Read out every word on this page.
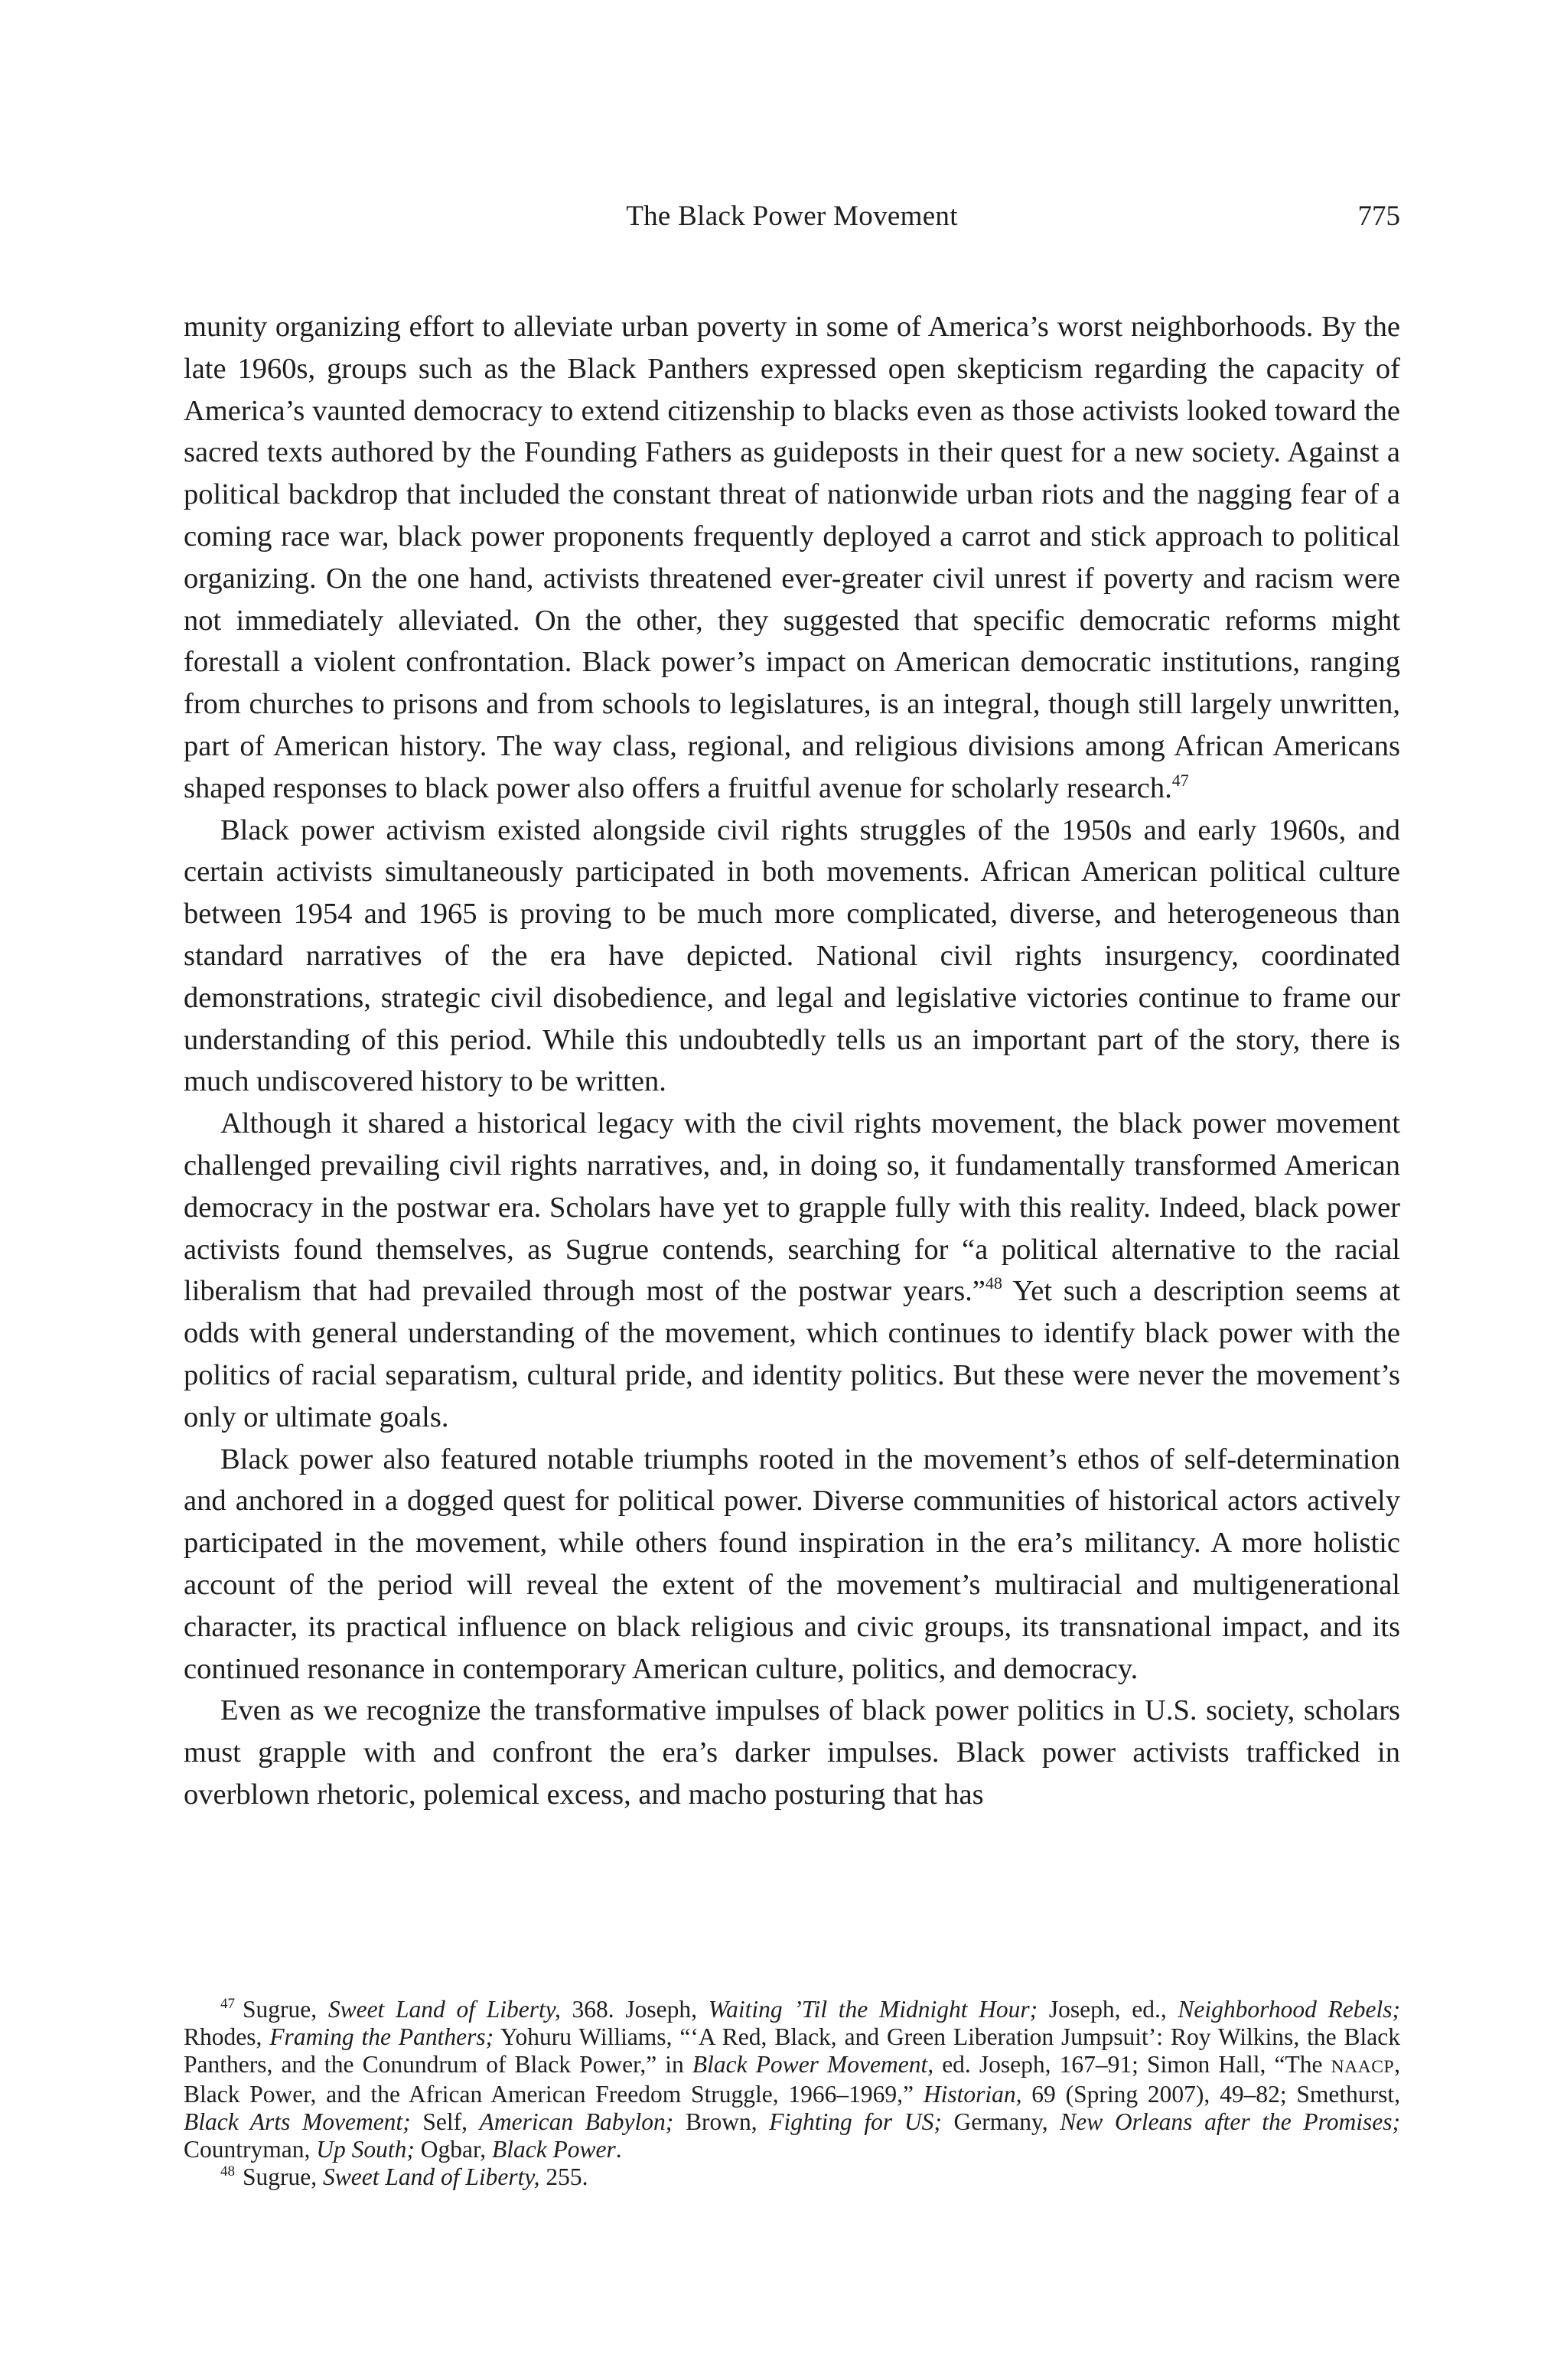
The Black Power Movement	775

munity organizing effort to alleviate urban poverty in some of America’s worst neighborhoods. By the late 1960s, groups such as the Black Panthers expressed open skepticism regarding the capacity of America’s vaunted democracy to extend citizenship to blacks even as those activists looked toward the sacred texts authored by the Founding Fathers as guideposts in their quest for a new society. Against a political backdrop that included the constant threat of nationwide urban riots and the nagging fear of a coming race war, black power proponents frequently deployed a carrot and stick approach to political organizing. On the one hand, activists threatened ever-greater civil unrest if poverty and racism were not immediately alleviated. On the other, they suggested that specific democratic reforms might forestall a violent confrontation. Black power’s impact on American democratic institutions, ranging from churches to prisons and from schools to legislatures, is an integral, though still largely unwritten, part of American history. The way class, regional, and religious divisions among African Americans shaped responses to black power also offers a fruitful avenue for scholarly research.$^{47}$

Black power activism existed alongside civil rights struggles of the 1950s and early 1960s, and certain activists simultaneously participated in both movements. African American political culture between 1954 and 1965 is proving to be much more complicated, diverse, and heterogeneous than standard narratives of the era have depicted. National civil rights insurgency, coordinated demonstrations, strategic civil disobedience, and legal and legislative victories continue to frame our understanding of this period. While this undoubtedly tells us an important part of the story, there is much undiscovered history to be written.

Although it shared a historical legacy with the civil rights movement, the black power movement challenged prevailing civil rights narratives, and, in doing so, it fundamentally transformed American democracy in the postwar era. Scholars have yet to grapple fully with this reality. Indeed, black power activists found themselves, as Sugrue contends, searching for “a political alternative to the racial liberalism that had prevailed through most of the postwar years.”$^{48}$ Yet such a description seems at odds with general understanding of the movement, which continues to identify black power with the politics of racial separatism, cultural pride, and identity politics. But these were never the movement’s only or ultimate goals.

Black power also featured notable triumphs rooted in the movement’s ethos of self-determination and anchored in a dogged quest for political power. Diverse communities of historical actors actively participated in the movement, while others found inspiration in the era’s militancy. A more holistic account of the period will reveal the extent of the movement’s multiracial and multigenerational character, its practical influence on black religious and civic groups, its transnational impact, and its continued resonance in contemporary American culture, politics, and democracy.

Even as we recognize the transformative impulses of black power politics in U.S. society, scholars must grapple with and confront the era’s darker impulses. Black power activists trafficked in overblown rhetoric, polemical excess, and macho posturing that has

$^{47}$ Sugrue, Sweet Land of Liberty, 368. Joseph, Waiting ’Til the Midnight Hour; Joseph, ed., Neighborhood Rebels; Rhodes, Framing the Panthers; Yohuru Williams, “‘A Red, Black, and Green Liberation Jumpsuit’: Roy Wilkins, the Black Panthers, and the Conundrum of Black Power,” in Black Power Movement, ed. Joseph, 167–91; Simon Hall, “The NAACP, Black Power, and the African American Freedom Struggle, 1966–1969,” Historian, 69 (Spring 2007), 49–82; Smethurst, Black Arts Movement; Self, American Babylon; Brown, Fighting for US; Germany, New Orleans after the Promises; Countryman, Up South; Ogbar, Black Power.

$^{48}$ Sugrue, Sweet Land of Liberty, 255.
